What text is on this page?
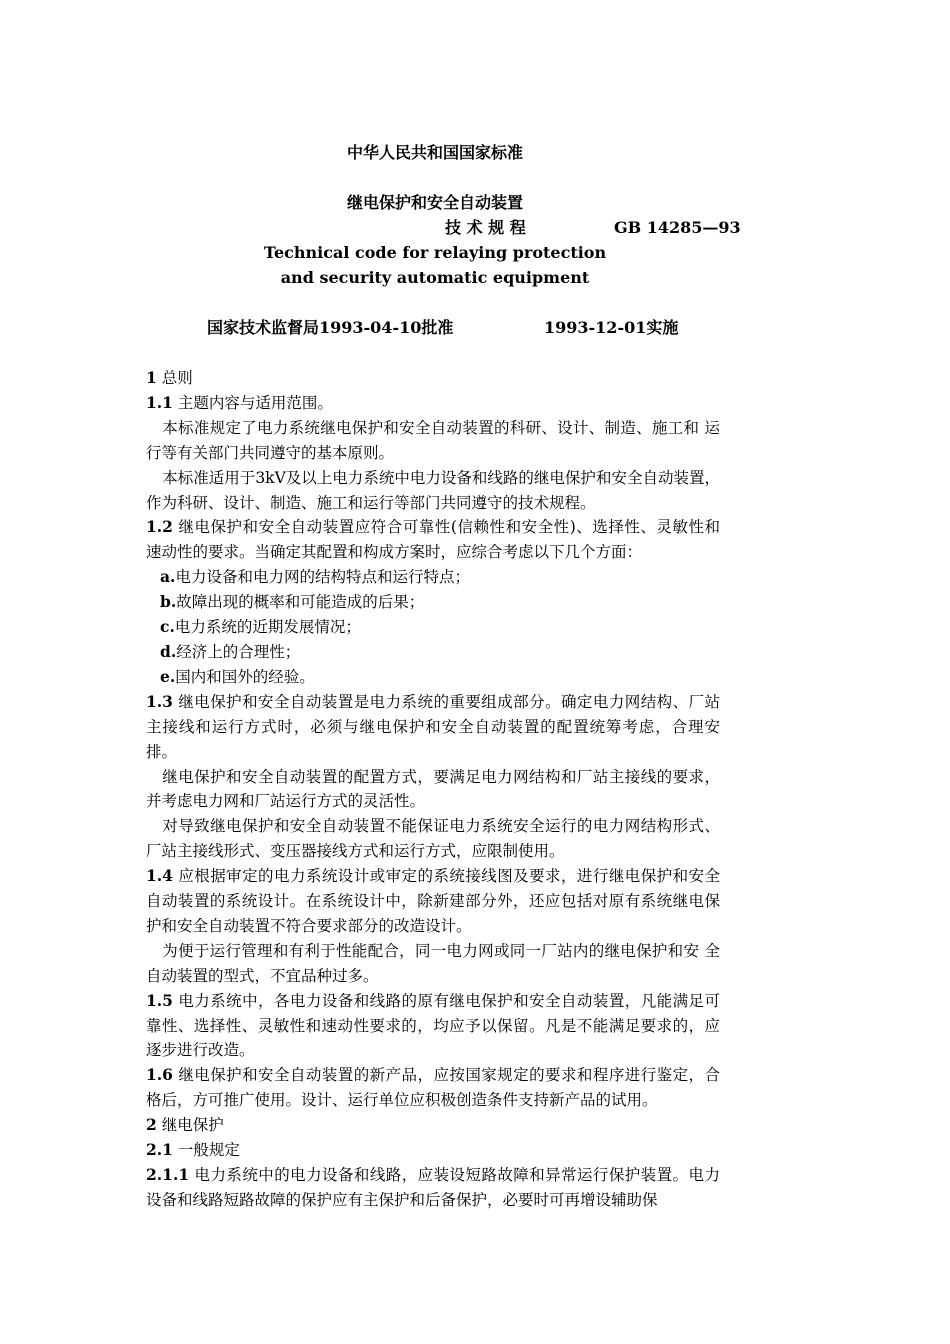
中华人民共和国国家标准
继电保护和安全自动装置
技 术 规 程	GB 14285—93
Technical code for relaying protection
and security automatic equipment
国家技术监督局1993-04-10批准	1993-12-01实施

1 总则

1.1 主题内容与适用范围。

本标准规定了电力系统继电保护和安全自动装置的科研、设计、制造、施工和 运行等有关部门共同遵守的基本原则。

本标准适用于3kV及以上电力系统中电力设备和线路的继电保护和安全自动装置，作为科研、设计、制造、施工和运行等部门共同遵守的技术规程。

1.2 继电保护和安全自动装置应符合可靠性(信赖性和安全性)、选择性、灵敏性和 速动性的要求。当确定其配置和构成方案时，应综合考虑以下几个方面：

a.电力设备和电力网的结构特点和运行特点；
b.故障出现的概率和可能造成的后果；
c.电力系统的近期发展情况；
d.经济上的合理性；
e.国内和国外的经验。

1.3 继电保护和安全自动装置是电力系统的重要组成部分。确定电力网结构、厂站 主接线和运行方式时，必须与继电保护和安全自动装置的配置统筹考虑，合理安 排。

继电保护和安全自动装置的配置方式，要满足电力网结构和厂站主接线的要求，并考虑电力网和厂站运行方式的灵活性。

对导致继电保护和安全自动装置不能保证电力系统安全运行的电力网结构形式、厂站主接线形式、变压器接线方式和运行方式，应限制使用。

1.4 应根据审定的电力系统设计或审定的系统接线图及要求，进行继电保护和安全 自动装置的系统设计。在系统设计中，除新建部分外，还应包括对原有系统继电保 护和安全自动装置不符合要求部分的改造设计。

为便于运行管理和有利于性能配合，同一电力网或同一厂站内的继电保护和安 全自动装置的型式，不宜品种过多。

1.5 电力系统中，各电力设备和线路的原有继电保护和安全自动装置，凡能满足可 靠性、选择性、灵敏性和速动性要求的，均应予以保留。凡是不能满足要求的，应 逐步进行改造。

1.6 继电保护和安全自动装置的新产品，应按国家规定的要求和程序进行鉴定，合 格后，方可推广使用。设计、运行单位应积极创造条件支持新产品的试用。

2 继电保护

2.1 一般规定

2.1.1 电力系统中的电力设备和线路，应装设短路故障和异常运行保护装置。电力 设备和线路短路故障的保护应有主保护和后备保护，必要时可再增设辅助保
